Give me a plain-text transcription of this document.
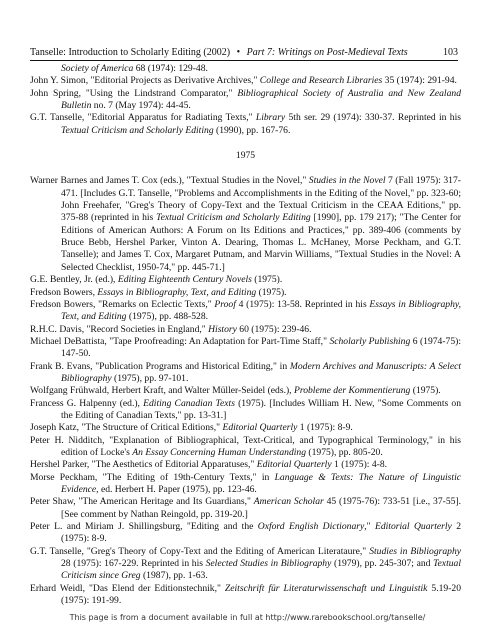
Tanselle: Introduction to Scholarly Editing (2002) • Part 7: Writings on Post-Medieval Texts	103

Society of America 68 (1974): 129-48.

John Y. Simon, "Editorial Projects as Derivative Archives," College and Research Libraries 35 (1974): 291-94.

John Spring, "Using the Lindstrand Comparator," Bibliographical Society of Australia and New Zealand Bulletin no. 7 (May 1974): 44-45.

G.T. Tanselle, "Editorial Apparatus for Radiating Texts," Library 5th ser. 29 (1974): 330-37. Reprinted in his Textual Criticism and Scholarly Editing (1990), pp. 167-76.

1975

Warner Barnes and James T. Cox (eds.), "Textual Studies in the Novel," Studies in the Novel 7 (Fall 1975): 317-471. [Includes G.T. Tanselle, "Problems and Accomplishments in the Editing of the Novel," pp. 323-60; John Freehafer, "Greg's Theory of Copy-Text and the Textual Criticism in the CEAA Editions," pp. 375-88 (reprinted in his Textual Criticism and Scholarly Editing [1990], pp. 179 217); "The Center for Editions of American Authors: A Forum on Its Editions and Practices," pp. 389-406 (comments by Bruce Bebb, Hershel Parker, Vinton A. Dearing, Thomas L. McHaney, Morse Peckham, and G.T. Tanselle); and James T. Cox, Margaret Putnam, and Marvin Williams, "Textual Studies in the Novel: A Selected Checklist, 1950-74," pp. 445-71.]

G.E. Bentley, Jr. (ed.), Editing Eighteenth Century Novels (1975).

Fredson Bowers, Essays in Bibliography, Text, and Editing (1975).

Fredson Bowers, "Remarks on Eclectic Texts," Proof 4 (1975): 13-58. Reprinted in his Essays in Bibliography, Text, and Editing (1975), pp. 488-528.

R.H.C. Davis, "Record Societies in England," History 60 (1975): 239-46.

Michael DeBattista, "Tape Proofreading: An Adaptation for Part-Time Staff," Scholarly Publishing 6 (1974-75): 147-50.

Frank B. Evans, "Publication Programs and Historical Editing," in Modern Archives and Manuscripts: A Select Bibliography (1975), pp. 97-101.

Wolfgang Frühwald, Herbert Kraft, and Walter Müller-Seidel (eds.), Probleme der Kommentierung (1975).

Francess G. Halpenny (ed.), Editing Canadian Texts (1975). [Includes William H. New, "Some Comments on the Editing of Canadian Texts," pp. 13-31.]

Joseph Katz, "The Structure of Critical Editions," Editorial Quarterly 1 (1975): 8-9.

Peter H. Nidditch, "Explanation of Bibliographical, Text-Critical, and Typographical Terminology," in his edition of Locke's An Essay Concerning Human Understanding (1975), pp. 805-20.

Hershel Parker, "The Aesthetics of Editorial Apparatuses," Editorial Quarterly 1 (1975): 4-8.

Morse Peckham, "The Editing of 19th-Century Texts," in Language & Texts: The Nature of Linguistic Evidence, ed. Herbert H. Paper (1975), pp. 123-46.

Peter Shaw, "The American Heritage and Its Guardians," American Scholar 45 (1975-76): 733-51 [i.e., 37-55]. [See comment by Nathan Reingold, pp. 319-20.]

Peter L. and Miriam J. Shillingsburg, "Editing and the Oxford English Dictionary," Editorial Quarterly 2 (1975): 8-9.

G.T. Tanselle, "Greg's Theory of Copy-Text and the Editing of American Literataure," Studies in Bibliography 28 (1975): 167-229. Reprinted in his Selected Studies in Bibliography (1979), pp. 245-307; and Textual Criticism since Greg (1987), pp. 1-63.

Erhard Weidl, "Das Elend der Editionstechnik," Zeitschrift für Literaturwissenschaft und Linguistik 5.19-20 (1975): 191-99.

This page is from a document available in full at http://www.rarebookschool.org/tanselle/
